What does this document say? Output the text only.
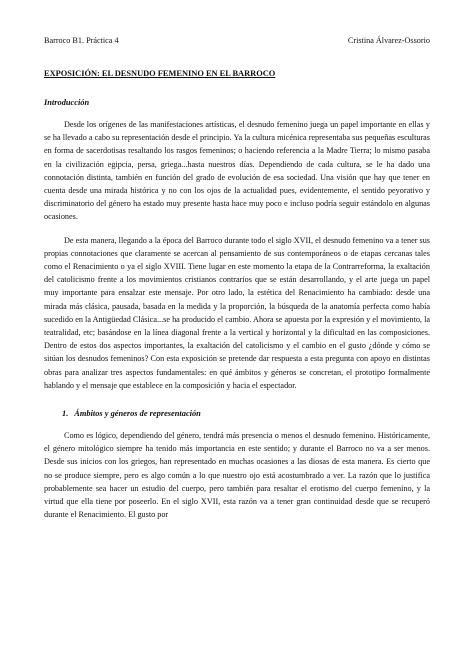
Barroco B1. Práctica 4	Cristina Álvarez-Ossorio
EXPOSICIÓN: EL DESNUDO FEMENINO EN EL BARROCO
Introducción

Desde los orígenes de las manifestaciones artísticas, el desnudo femenino juega un papel importante en ellas y se ha llevado a cabo su representación desde el principio. Ya la cultura micénica representaba sus pequeñas esculturas en forma de sacerdotisas resaltando los rasgos femeninos; o haciendo referencia a la Madre Tierra; lo mismo pasaba en la civilización egipcia, persa, griega...hasta nuestros días. Dependiendo de cada cultura, se le ha dado una connotación distinta, también en función del grado de evolución de esa sociedad. Una visión que hay que tener en cuenta desde una mirada histórica y no con los ojos de la actualidad pues, evidentemente, el sentido peyorativo y discriminatorio del género ha estado muy presente hasta hace muy poco e incluso podría seguir estándolo en algunas ocasiones.

De esta manera, llegando a la época del Barroco durante todo el siglo XVII, el desnudo femenino va a tener sus propias connotaciones que claramente se acercan al pensamiento de sus contemporáneos o de etapas cercanas tales como el Renacimiento o ya el siglo XVIII. Tiene lugar en este momento la etapa de la Contrarreforma, la exaltación del catolicismo frente a los movimientos cristianos contrarios que se están desarrollando, y el arte juega un papel muy importante para ensalzar este mensaje. Por otro lado, la estética del Renacimiento ha cambiado: desde una mirada más clásica, pausada, basada en la medida y la proporción, la búsqueda de la anatomía perfecta como había sucedido en la Antigüedad Clásica...se ha producido el cambio. Ahora se apuesta por la expresión y el movimiento, la teatralidad, etc; basándose en la línea diagonal frente a la vertical y horizontal y la dificultad en las composiciones. Dentro de estos dos aspectos importantes, la exaltación del catolicismo y el cambio en el gusto ¿dónde y cómo se sitúan los desnudos femeninos? Con esta exposición se pretende dar respuesta a esta pregunta con apoyo en distintas obras para analizar tres aspectos fundamentales: en qué ámbitos y géneros se concretan, el prototipo formalmente hablando y el mensaje que establece en la composición y hacia el espectador.

1. Ámbitos y géneros de representación

Como es lógico, dependiendo del género, tendrá más presencia o menos el desnudo femenino. Históricamente, el género mitológico siempre ha tenido más importancia en este sentido; y durante el Barroco no va a ser menos. Desde sus inicios con los griegos, han representado en muchas ocasiones a las diosas de esta manera. Es cierto que no se produce siempre, pero es algo común a lo que nuestro ojo está acostumbrado a ver. La razón que lo justifica probablemente sea hacer un estudio del cuerpo, pero también para resaltar el erotismo del cuerpo femenino, y la virtud que ella tiene por poseerlo. En el siglo XVII, esta razón va a tener gran continuidad desde que se recuperó durante el Renacimiento. El gusto por
